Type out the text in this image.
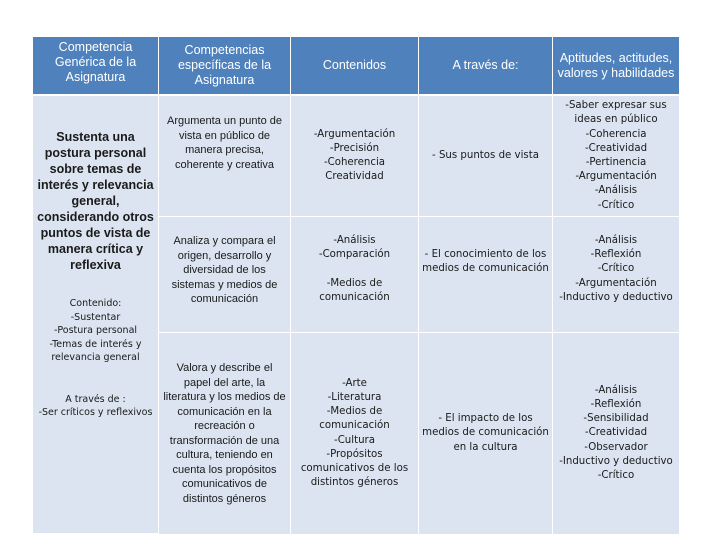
Competencia Genérica de la Asignatura
Competencias específicas de la Asignatura
Contenidos	A través de:
Aptitudes, actitudes, valores y habilidades
Sustenta una postura personal sobre temas de interés y relevancia general, considerando otros puntos de vista de manera crítica y reflexiva
Contenido:
-Sustentar
-Postura personal
-Temas de interés y relevancia general
A través de :
-Ser críticos y reflexivos
Argumenta un punto de vista en público de manera precisa, coherente y creativa
-Argumentación
-Precisión
-Coherencia
Creatividad
- Sus puntos de vista
-Saber expresar sus ideas en público
-Coherencia
-Creatividad
-Pertinencia
-Argumentación
-Análisis
-Crítico
Analiza y compara el origen, desarrollo y diversidad de los sistemas y medios de comunicación
-Análisis
-Comparación

-Medios de comunicación
- El conocimiento de los medios de comunicación
-Análisis
-Reflexión
-Crítico
-Argumentación
-Inductivo y deductivo
Valora y describe el papel del arte, la literatura y los medios de comunicación en la recreación o transformación de una cultura, teniendo en cuenta los propósitos comunicativos de distintos géneros
-Arte
-Literatura
-Medios de comunicación
-Cultura
-Propósitos comunicativos de los distintos géneros
- El impacto de los medios de comunicación en la cultura
-Análisis
-Reflexión
-Sensibilidad
-Creatividad
-Observador
-Inductivo y deductivo
-Crítico
